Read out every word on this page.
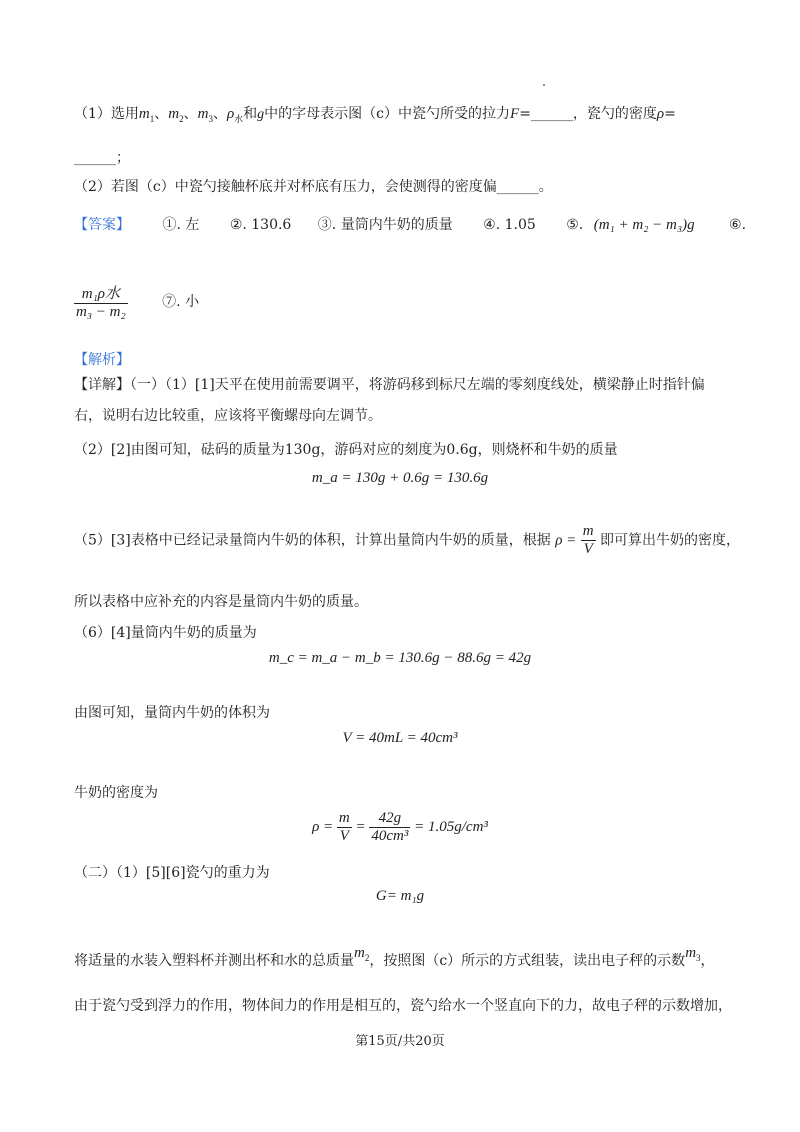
（1）选用$m_1$、$m_2$、$m_3$、$\rho_水$和g中的字母表示图（c）中瓷勺所受的拉力F=______，瓷勺的密度ρ=
______；
（2）若图（c）中瓷勺接触杯底并对杯底有压力，会使测得的密度偏______。
【答案】 ①. 左 ②. 130.6 ③. 量筒内牛奶的质量 ④. 1.05 ⑤. (m₁ + m₂ − m₃)g ⑥.
$\frac{\text{m₁ρ水}}{\text{m₃ − m₂}}$ ⑦. 小
【解析】
【详解】（一）（1）[1]天平在使用前需要调平，将游码移到标尺左端的零刻度线处，横梁静止时指针偏
右，说明右边比较重，应该将平衡螺母向左调节。
（2）[2]由图可知，砝码的质量为130g，游码对应的刻度为0.6g，则烧杯和牛奶的质量
m_a = 130g + 0.6g = 130.6g
（5）[3]表格中已经记录量筒内牛奶的体积，计算出量筒内牛奶的质量，根据 $\rho = \frac{m}{V}$ 即可算出牛奶的密度，
所以表格中应补充的内容是量筒内牛奶的质量。
（6）[4]量筒内牛奶的质量为
m_c = m_a − m_b = 130.6g − 88.6g = 42g
由图可知，量筒内牛奶的体积为
V = 40mL = 40cm³
牛奶的密度为
$\rho = \frac{m}{V} = \frac{42g}{\text{40cm³}} = 1.05g/cm^3$
（二）（1）[5][6]瓷勺的重力为
G= m₁g
将适量的水装入塑料杯并测出杯和水的总质量$m_2$，按照图（c）所示的方式组装，读出电子秤的示数$m_3$，
由于瓷勺受到浮力的作用，物体间力的作用是相互的，瓷勺给水一个竖直向下的力，故电子秤的示数增加，
第15页/共20页
